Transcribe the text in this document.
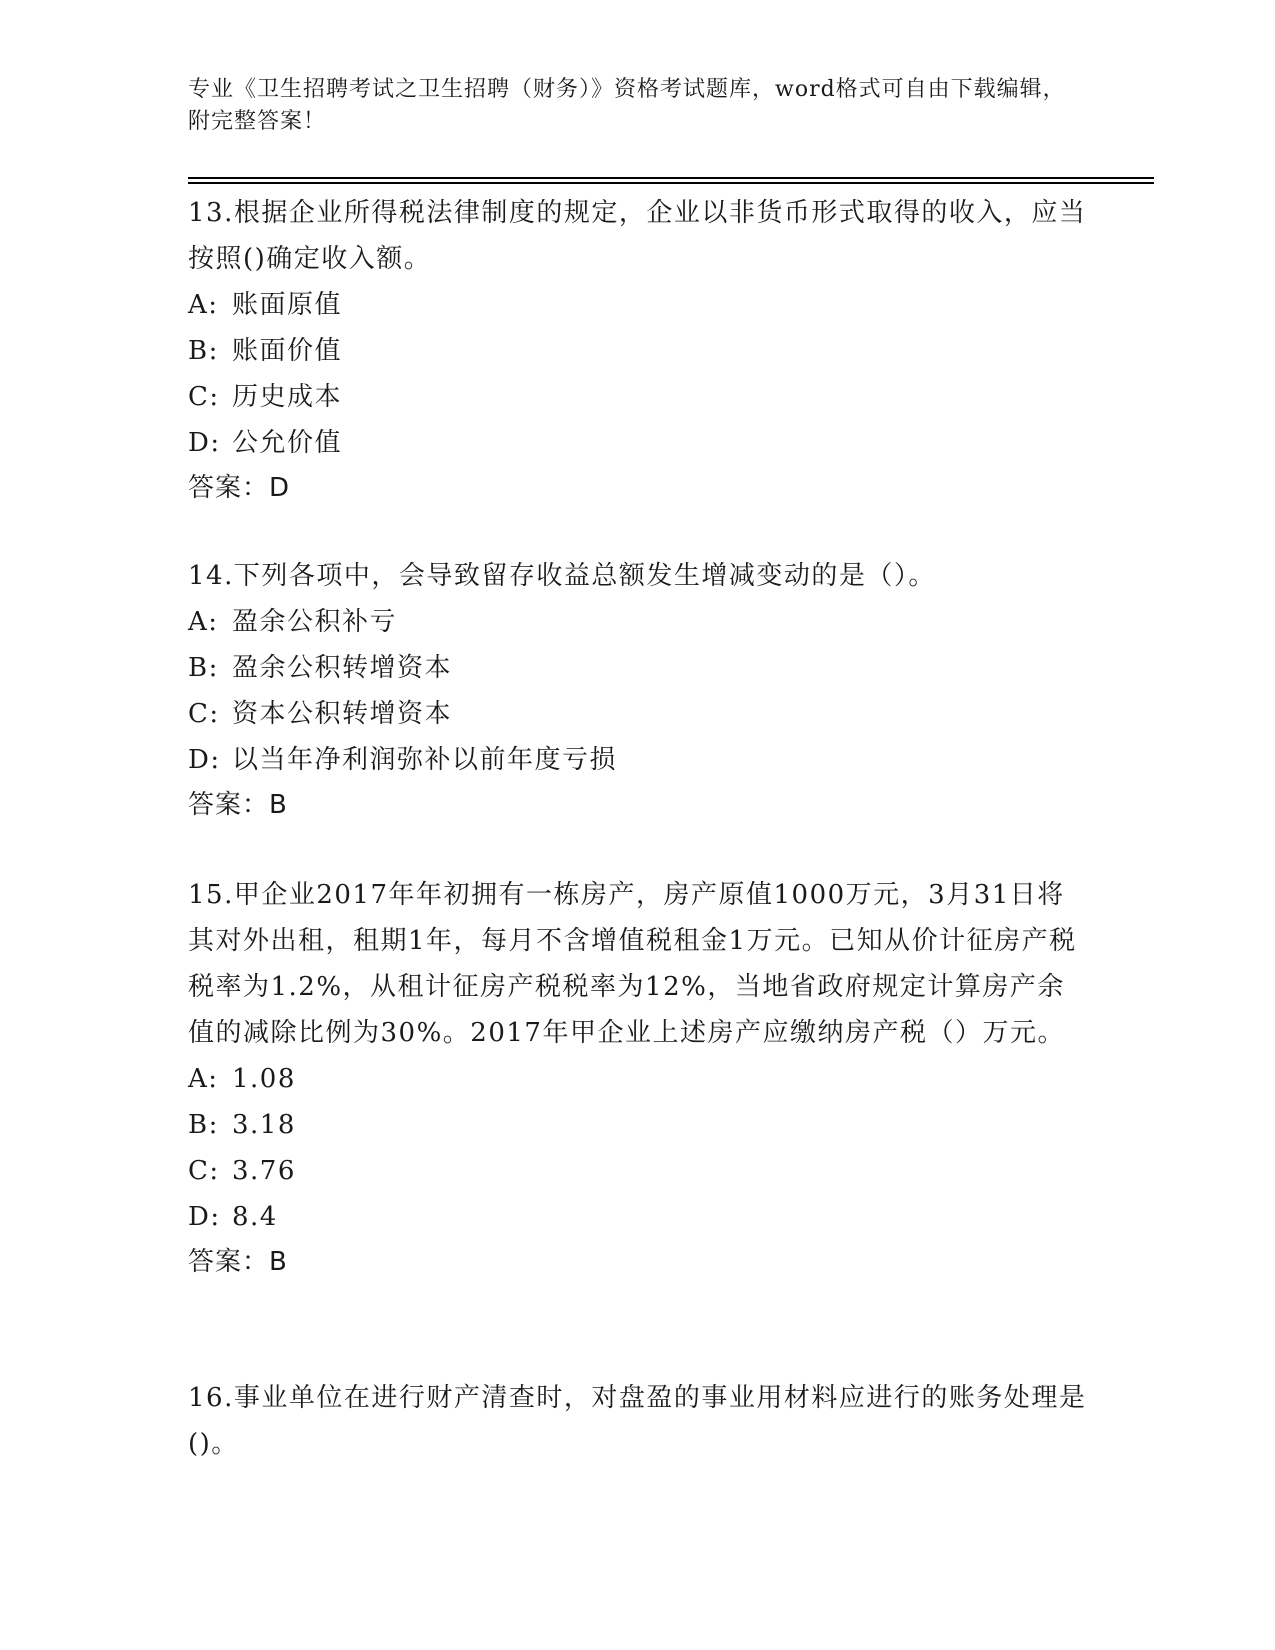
专业《卫生招聘考试之卫生招聘（财务）》资格考试题库，word格式可自由下载编辑，附完整答案！

13.根据企业所得税法律制度的规定，企业以非货币形式取得的收入，应当按照()确定收入额。

A: 账面原值
B: 账面价值
C: 历史成本
D: 公允价值

答案：D

14.下列各项中，会导致留存收益总额发生增减变动的是（）。

A: 盈余公积补亏
B: 盈余公积转增资本
C: 资本公积转增资本
D: 以当年净利润弥补以前年度亏损

答案：B

15.甲企业2017年年初拥有一栋房产，房产原值1000万元，3月31日将其对外出租，租期1年，每月不含增值税租金1万元。已知从价计征房产税税率为1.2%，从租计征房产税税率为12%，当地省政府规定计算房产余值的减除比例为30%。2017年甲企业上述房产应缴纳房产税（）万元。

A: 1.08
B: 3.18
C: 3.76
D: 8.4

答案：B

16.事业单位在进行财产清查时，对盘盈的事业用材料应进行的账务处理是()。
